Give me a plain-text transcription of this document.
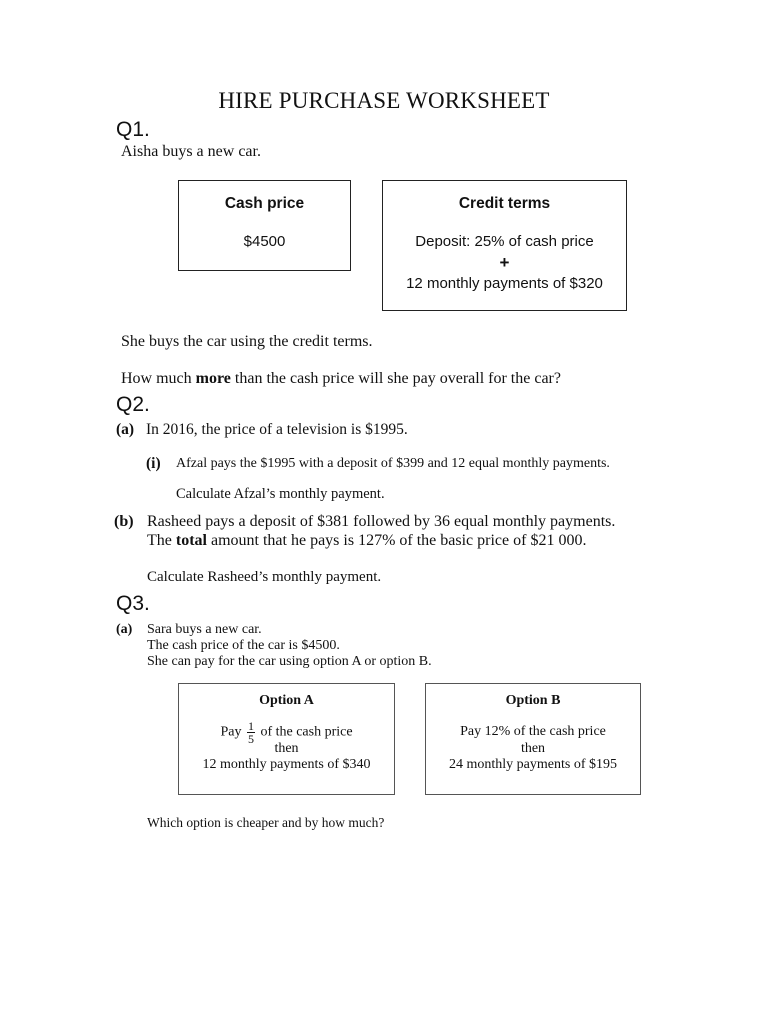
HIRE PURCHASE WORKSHEET
Q1.
Aisha buys a new car.
Cash price
$4500
Credit terms
Deposit: 25% of cash price
+
12 monthly payments of $320
She buys the car using the credit terms.
How much more than the cash price will she pay overall for the car?
Q2.
(a) In 2016, the price of a television is $1995.
(i) Afzal pays the $1995 with a deposit of $399 and 12 equal monthly payments.
Calculate Afzal’s monthly payment.
(b) Rasheed pays a deposit of $381 followed by 36 equal monthly payments.
The total amount that he pays is 127% of the basic price of $21 000.
Calculate Rasheed’s monthly payment.
Q3.
(a) Sara buys a new car.
The cash price of the car is $4500.
She can pay for the car using option A or option B.
Option A
Pay $\frac{1}{5}$ of the cash price
then
12 monthly payments of $340
Option B
Pay 12% of the cash price
then
24 monthly payments of $195
Which option is cheaper and by how much?
